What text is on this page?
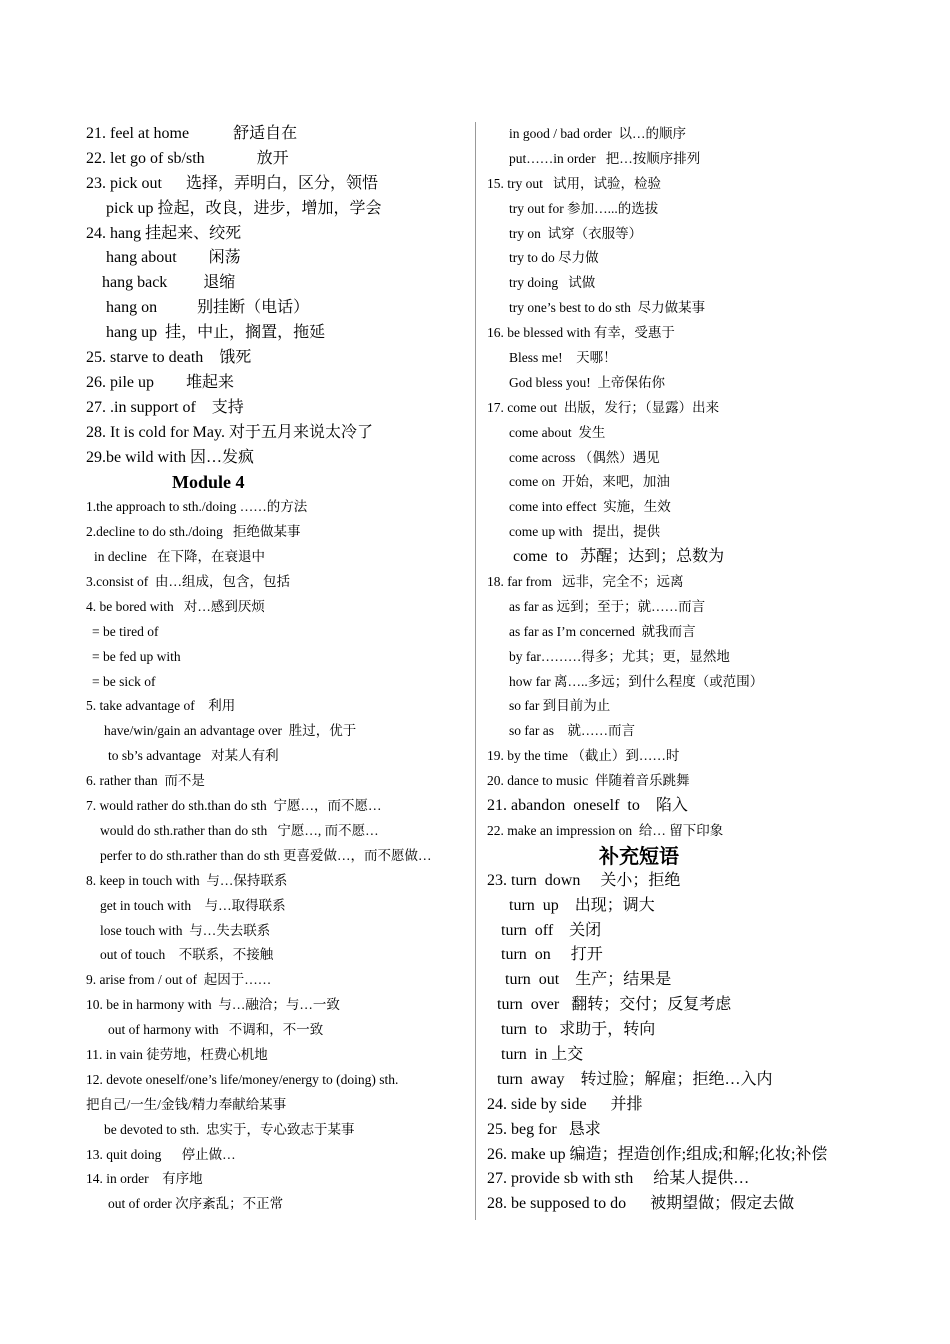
21. feel at home           舒适自在
22. let go of sb/sth             放开
23. pick out      选择，弄明白，区分，领悟
pick up 捡起，改良，进步，增加，学会
24. hang 挂起来、绞死
hang about        闲荡
hang back         退缩
hang on          别挂断（电话）
hang up  挂，中止，搁置，拖延
25. starve to death    饿死
26. pile up        堆起来
27. .in support of    支持
28. It is cold for May. 对于五月来说太冷了
29.be wild with 因…发疯
Module 4
1.the approach to sth./doing ……的方法
2.decline to do sth./doing   拒绝做某事
in decline   在下降，在衰退中
3.consist of  由…组成，包含，包括
4. be bored with   对…感到厌烦
= be tired of
= be fed up with
= be sick of
5. take advantage of    利用
have/win/gain an advantage over  胜过，优于
to sb’s advantage   对某人有利
6. rather than  而不是
7. would rather do sth.than do sth  宁愿…，而不愿…
would do sth.rather than do sth   宁愿…, 而不愿…
perfer to do sth.rather than do sth 更喜爱做…，而不愿做…
8. keep in touch with  与…保持联系
get in touch with    与…取得联系
lose touch with  与…失去联系
out of touch    不联系，不接触
9. arise from / out of  起因于……
10. be in harmony with  与…融洽；与…一致
out of harmony with   不调和，不一致
11. in vain 徒劳地，枉费心机地
12. devote oneself/one’s life/money/energy to (doing) sth.
把自己/一生/金钱/精力奉献给某事
be devoted to sth.  忠实于，专心致志于某事
13. quit doing      停止做…
14. in order    有序地
out of order 次序紊乱；不正常
in good / bad order  以…的顺序
put……in order   把…按顺序排列
15. try out   试用，试验，检验
try out for 参加…...的选拔
try on  试穿（衣服等）
try to do 尽力做
try doing   试做
try one’s best to do sth  尽力做某事
16. be blessed with 有幸，受惠于
Bless me!    天哪！
God bless you!  上帝保佑你
17. come out  出版，发行；（显露）出来
come about  发生
come across （偶然）遇见
come on  开始，来吧，加油
come into effect  实施，生效
come up with   提出，提供
come  to   苏醒；达到；总数为
18. far from   远非，完全不；远离
as far as 远到；至于；就……而言
as far as I’m concerned  就我而言
by far………得多；尤其；更，显然地
how far 离…..多远；到什么程度（或范围）
so far 到目前为止
so far as    就……而言
19. by the time （截止）到……时
20. dance to music  伴随着音乐跳舞
21. abandon  oneself  to    陷入
22. make an impression on  给… 留下印象
补充短语
23. turn  down     关小；拒绝
turn  up    出现；调大
turn  off    关闭
turn  on     打开
turn  out    生产；结果是
turn  over   翻转；交付；反复考虑
turn  to   求助于，转向
turn  in 上交
turn  away    转过脸；解雇；拒绝…入内
24. side by side      并排
25. beg for   恳求
26. make up 编造；捏造创作;组成;和解;化妆;补偿
27. provide sb with sth     给某人提供…
28. be supposed to do      被期望做；假定去做
